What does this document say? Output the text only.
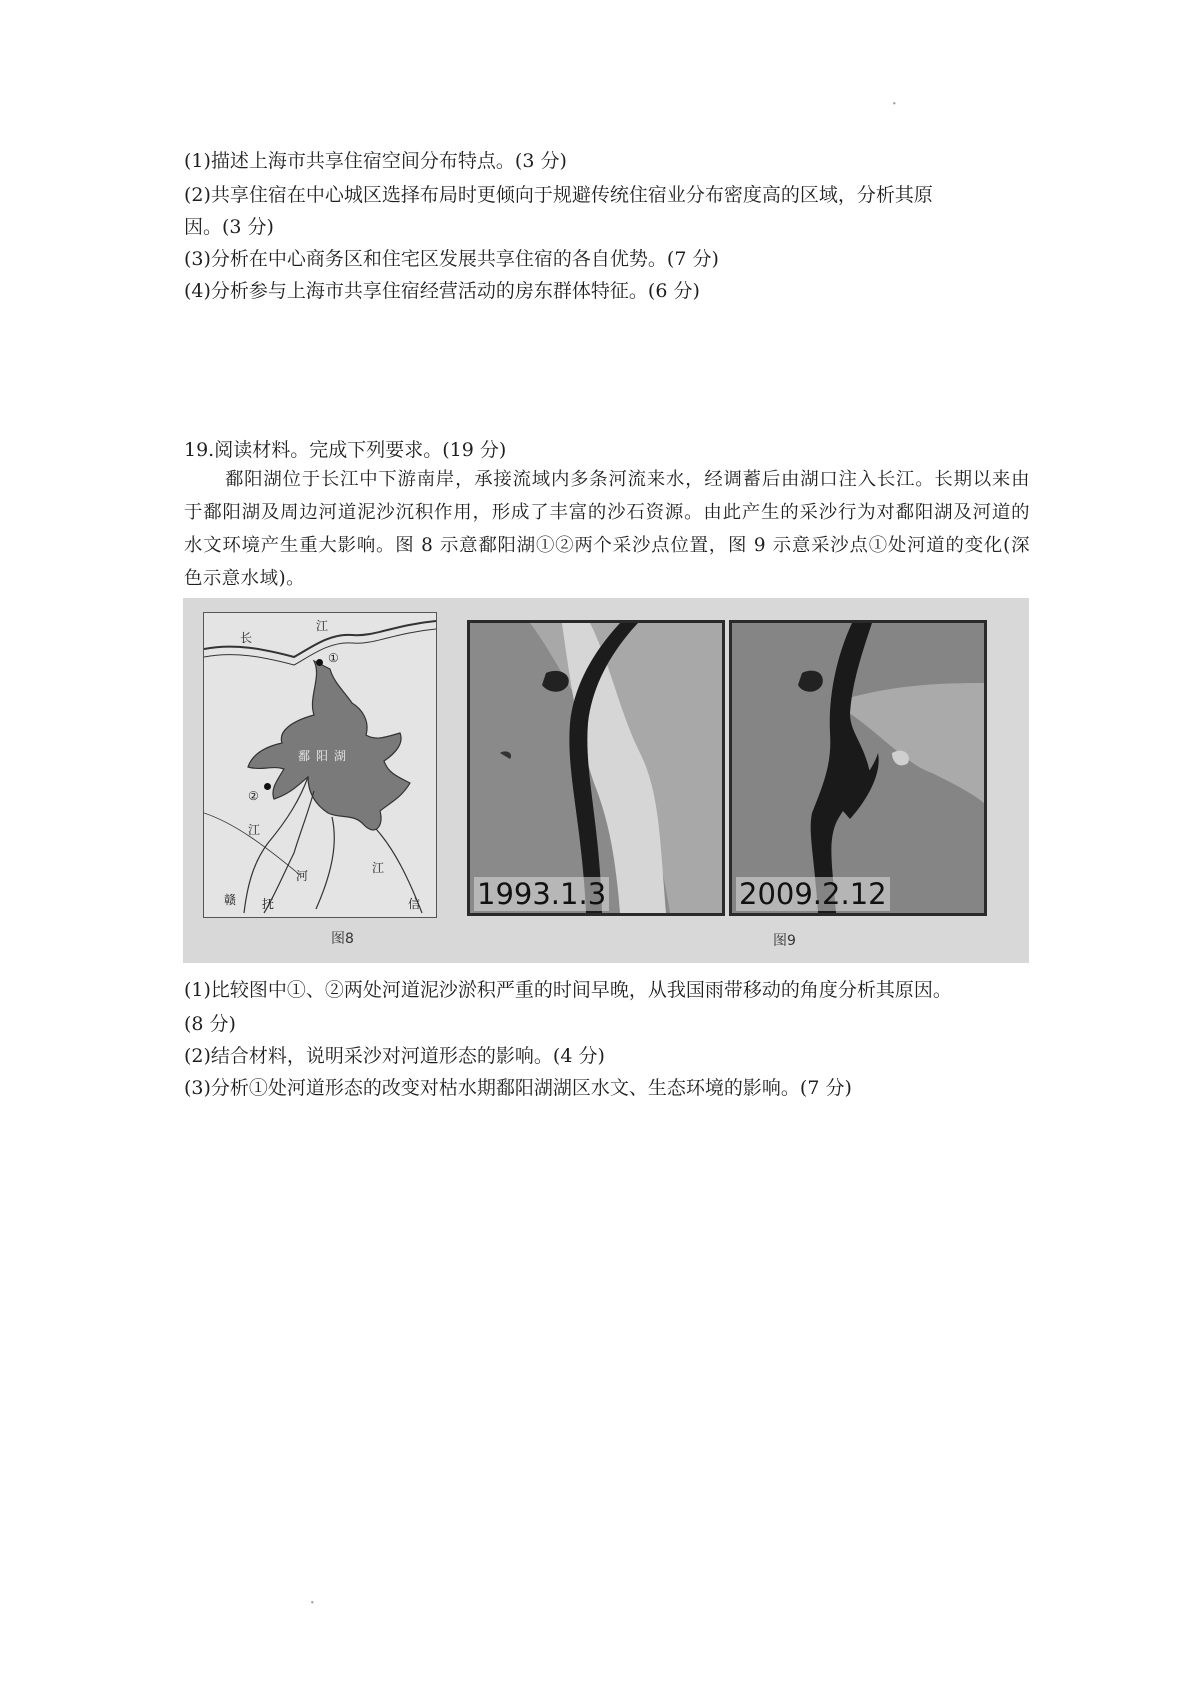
●
(1)描述上海市共享住宿空间分布特点。(3 分)
(2)共享住宿在中心城区选择布局时更倾向于规避传统住宿业分布密度高的区域，分析其原
因。(3 分)
(3)分析在中心商务区和住宅区发展共享住宿的各自优势。(7 分)
(4)分析参与上海市共享住宿经营活动的房东群体特征。(6 分)
19.阅读材料。完成下列要求。(19 分)
鄱阳湖位于长江中下游南岸，承接流域内多条河流来水，经调蓄后由湖口注入长江。长期以来由于鄱阳湖及周边河道泥沙沉积作用，形成了丰富的沙石资源。由此产生的采沙行为对鄱阳湖及河道的水文环境产生重大影响。图 8 示意鄱阳湖①②两个采沙点位置，图 9 示意采沙点①处河道的变化(深色示意水域)。
长
江
①
②
鄱 阳 湖
江
赣
河
抚
江
信 1993.1.3	2009.2.12
图8	图9
(1)比较图中①、②两处河道泥沙淤积严重的时间早晚，从我国雨带移动的角度分析其原因。
(8 分)
(2)结合材料，说明采沙对河道形态的影响。(4 分)
(3)分析①处河道形态的改变对枯水期鄱阳湖湖区水文、生态环境的影响。(7 分)
●
